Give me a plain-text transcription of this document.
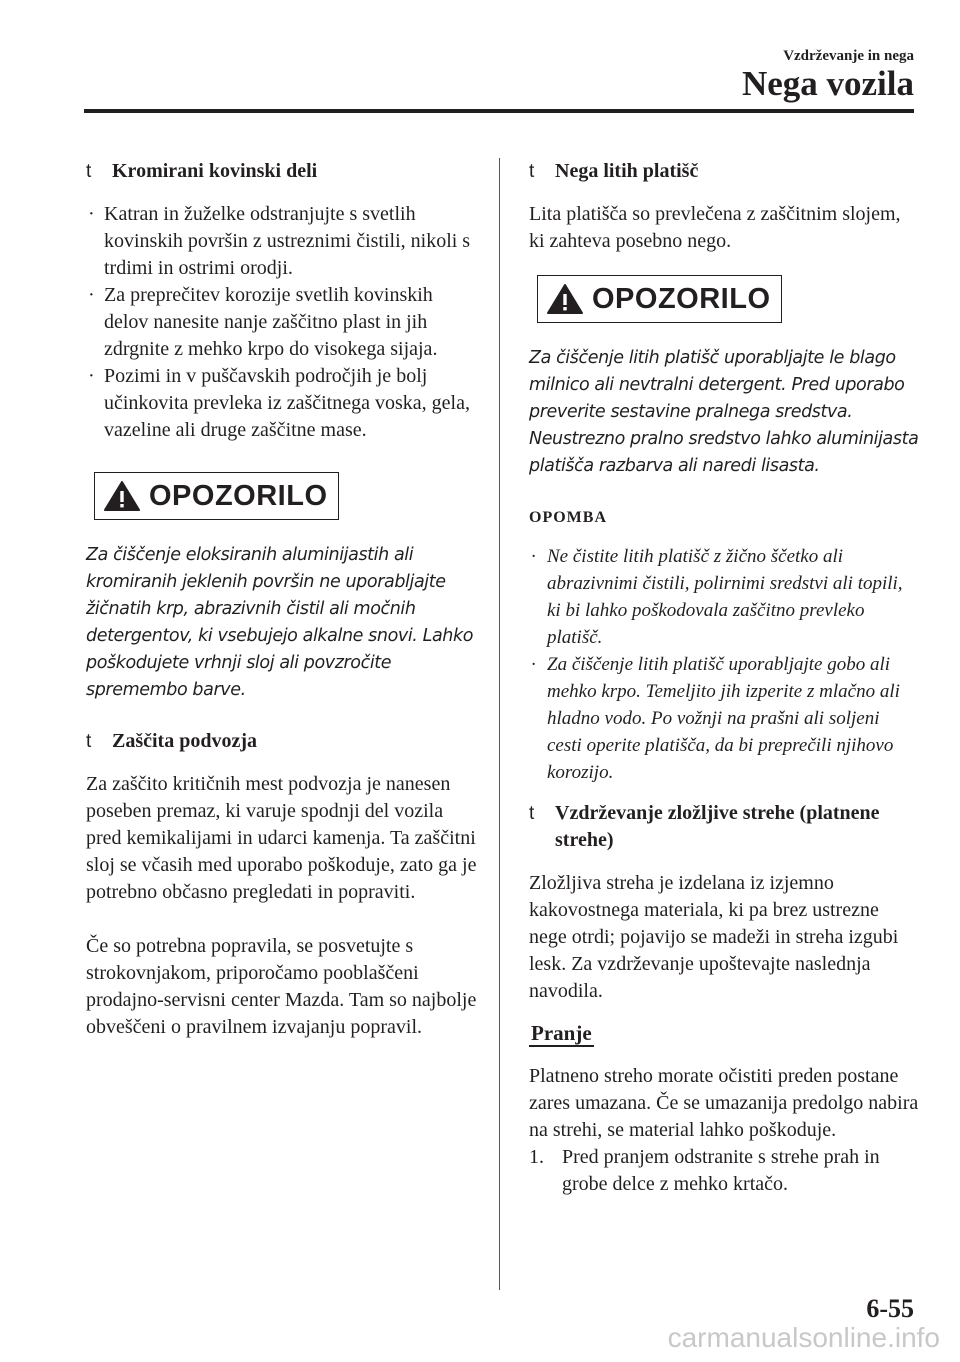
Vzdrževanje in nega
Nega vozila
t Kromirani kovinski deli
· Katran in žuželke odstranjujte s svetlih kovinskih površin z ustreznimi čistili, nikoli s trdimi in ostrimi orodji.
· Za preprečitev korozije svetlih kovinskih delov nanesite nanje zaščitno plast in jih zdrgnite z mehko krpo do visokega sijaja.
· Pozimi in v puščavskih področjih je bolj učinkovita prevleka iz zaščitnega voska, gela, vazeline ali druge zaščitne mase.
OPOZORILO

Za čiščenje eloksiranih aluminijastih ali kromiranih jeklenih površin ne uporabljajte žičnatih krp, abrazivnih čistil ali močnih detergentov, ki vsebujejo alkalne snovi. Lahko poškodujete vrhnji sloj ali povzročite spremembo barve.

t Zaščita podvozja

Za zaščito kritičnih mest podvozja je nanesen poseben premaz, ki varuje spodnji del vozila pred kemikalijami in udarci kamenja. Ta zaščitni sloj se včasih med uporabo poškoduje, zato ga je potrebno občasno pregledati in popraviti.

Če so potrebna popravila, se posvetujte s strokovnjakom, priporočamo pooblaščeni prodajno-servisni center Mazda. Tam so najbolje obveščeni o pravilnem izvajanju popravil.

t Nega litih platišč

Lita platišča so prevlečena z zaščitnim slojem, ki zahteva posebno nego.

OPOZORILO

Za čiščenje litih platišč uporabljajte le blago milnico ali nevtralni detergent. Pred uporabo preverite sestavine pralnega sredstva. Neustrezno pralno sredstvo lahko aluminijasta platišča razbarva ali naredi lisasta.

OPOMBA

· Ne čistite litih platišč z žično ščetko ali abrazivnimi čistili, polirnimi sredstvi ali topili, ki bi lahko poškodovala zaščitno prevleko platišč.
· Za čiščenje litih platišč uporabljajte gobo ali mehko krpo. Temeljito jih izperite z mlačno ali hladno vodo. Po vožnji na prašni ali soljeni cesti operite platišča, da bi preprečili njihovo korozijo.
t Vzdrževanje zložljive strehe (platnene strehe)

Zložljiva streha je izdelana iz izjemno kakovostnega materiala, ki pa brez ustrezne nege otrdi; pojavijo se madeži in streha izgubi lesk. Za vzdrževanje upoštevajte naslednja navodila.

Pranje

Platneno streho morate očistiti preden postane zares umazana. Če se umazanija predolgo nabira na strehi, se material lahko poškoduje.

1. Pred pranjem odstranite s strehe prah in grobe delce z mehko krtačo.
6-55
carmanualsonline.info
